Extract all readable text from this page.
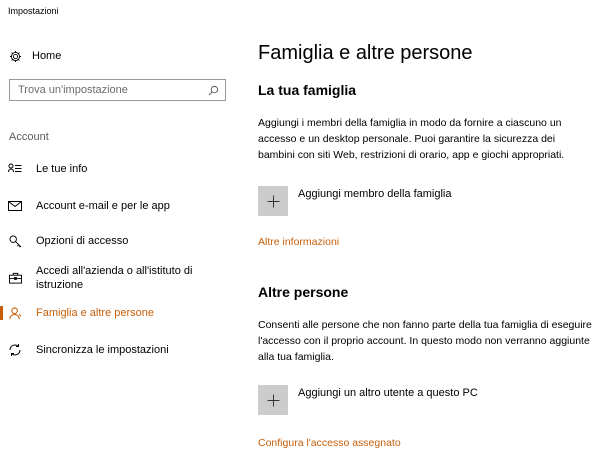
Impostazioni
Home
Trova un'impostazione
Account
Le tue info
Account e-mail e per le app
Opzioni di accesso
Accedi all'azienda o all'istituto di istruzione
Famiglia e altre persone
Sincronizza le impostazioni
Famiglia e altre persone
La tua famiglia

Aggiungi i membri della famiglia in modo da fornire a ciascuno un accesso e un desktop personale. Puoi garantire la sicurezza dei bambini con siti Web, restrizioni di orario, app e giochi appropriati.

Aggiungi membro della famiglia
Altre informazioni
Altre persone

Consenti alle persone che non fanno parte della tua famiglia di eseguire l'accesso con il proprio account. In questo modo non verranno aggiunte alla tua famiglia.

Aggiungi un altro utente a questo PC
Configura l'accesso assegnato
